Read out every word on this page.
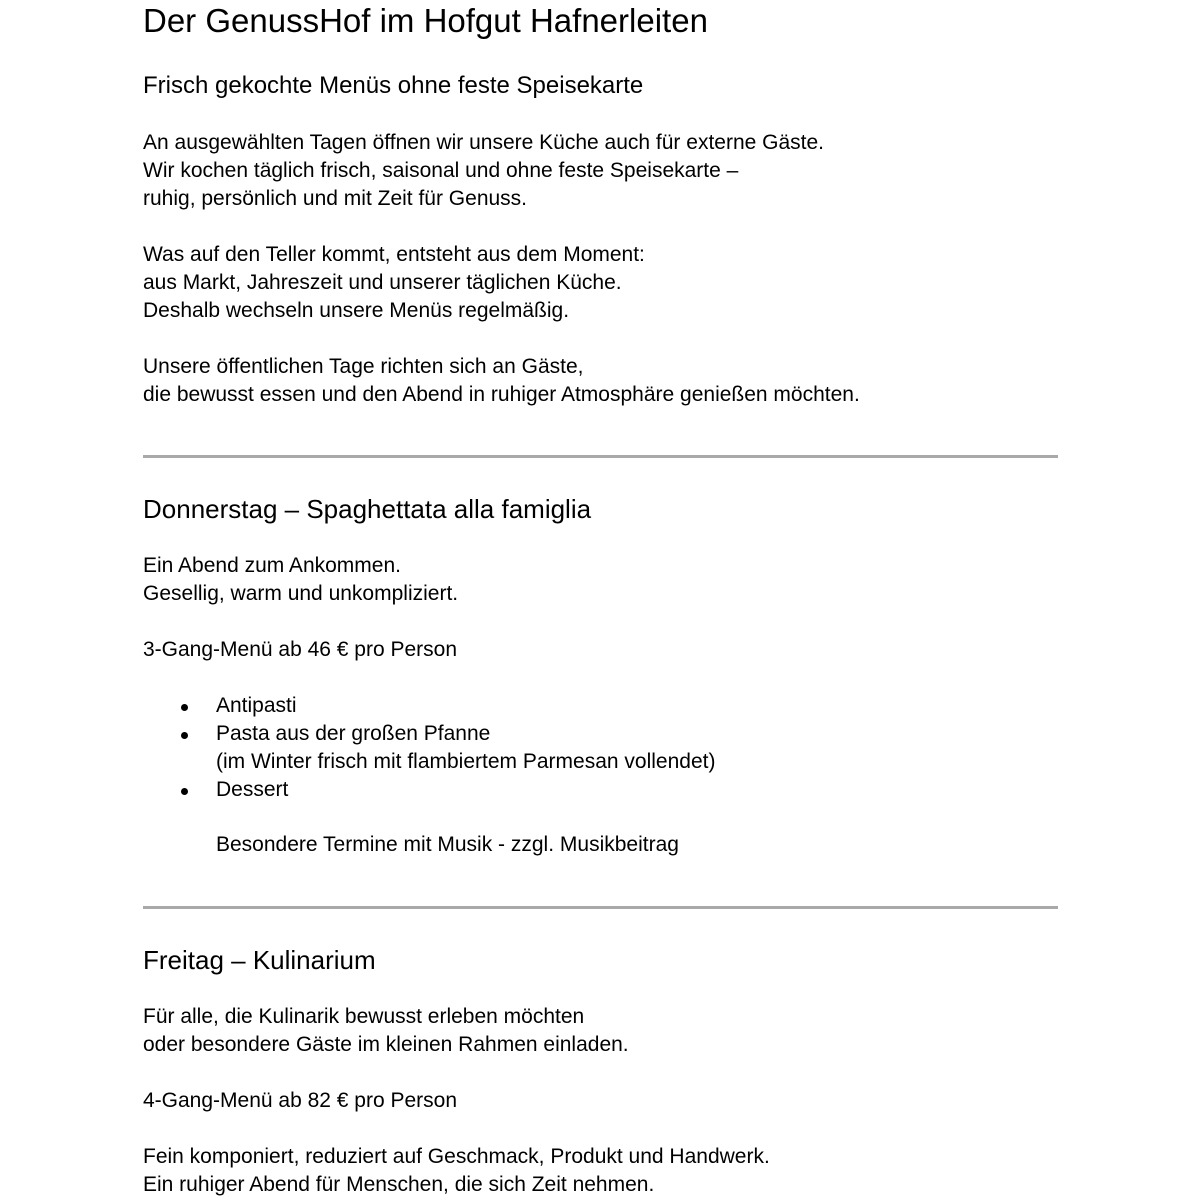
Der GenussHof im Hofgut Hafnerleiten
Frisch gekochte Menüs ohne feste Speisekarte
An ausgewählten Tagen öffnen wir unsere Küche auch für externe Gäste.
Wir kochen täglich frisch, saisonal und ohne feste Speisekarte –
ruhig, persönlich und mit Zeit für Genuss.
Was auf den Teller kommt, entsteht aus dem Moment:
aus Markt, Jahreszeit und unserer täglichen Küche.
Deshalb wechseln unsere Menüs regelmäßig.
Unsere öffentlichen Tage richten sich an Gäste,
die bewusst essen und den Abend in ruhiger Atmosphäre genießen möchten.
Donnerstag – Spaghettata alla famiglia
Ein Abend zum Ankommen.
Gesellig, warm und unkompliziert.
3-Gang-Menü ab 46 € pro Person
Antipasti
Pasta aus der großen Pfanne
(im Winter frisch mit flambiertem Parmesan vollendet)
Dessert
Besondere Termine mit Musik - zzgl. Musikbeitrag
Freitag – Kulinarium
Für alle, die Kulinarik bewusst erleben möchten
oder besondere Gäste im kleinen Rahmen einladen.
4-Gang-Menü ab 82 € pro Person
Fein komponiert, reduziert auf Geschmack, Produkt und Handwerk.
Ein ruhiger Abend für Menschen, die sich Zeit nehmen.
